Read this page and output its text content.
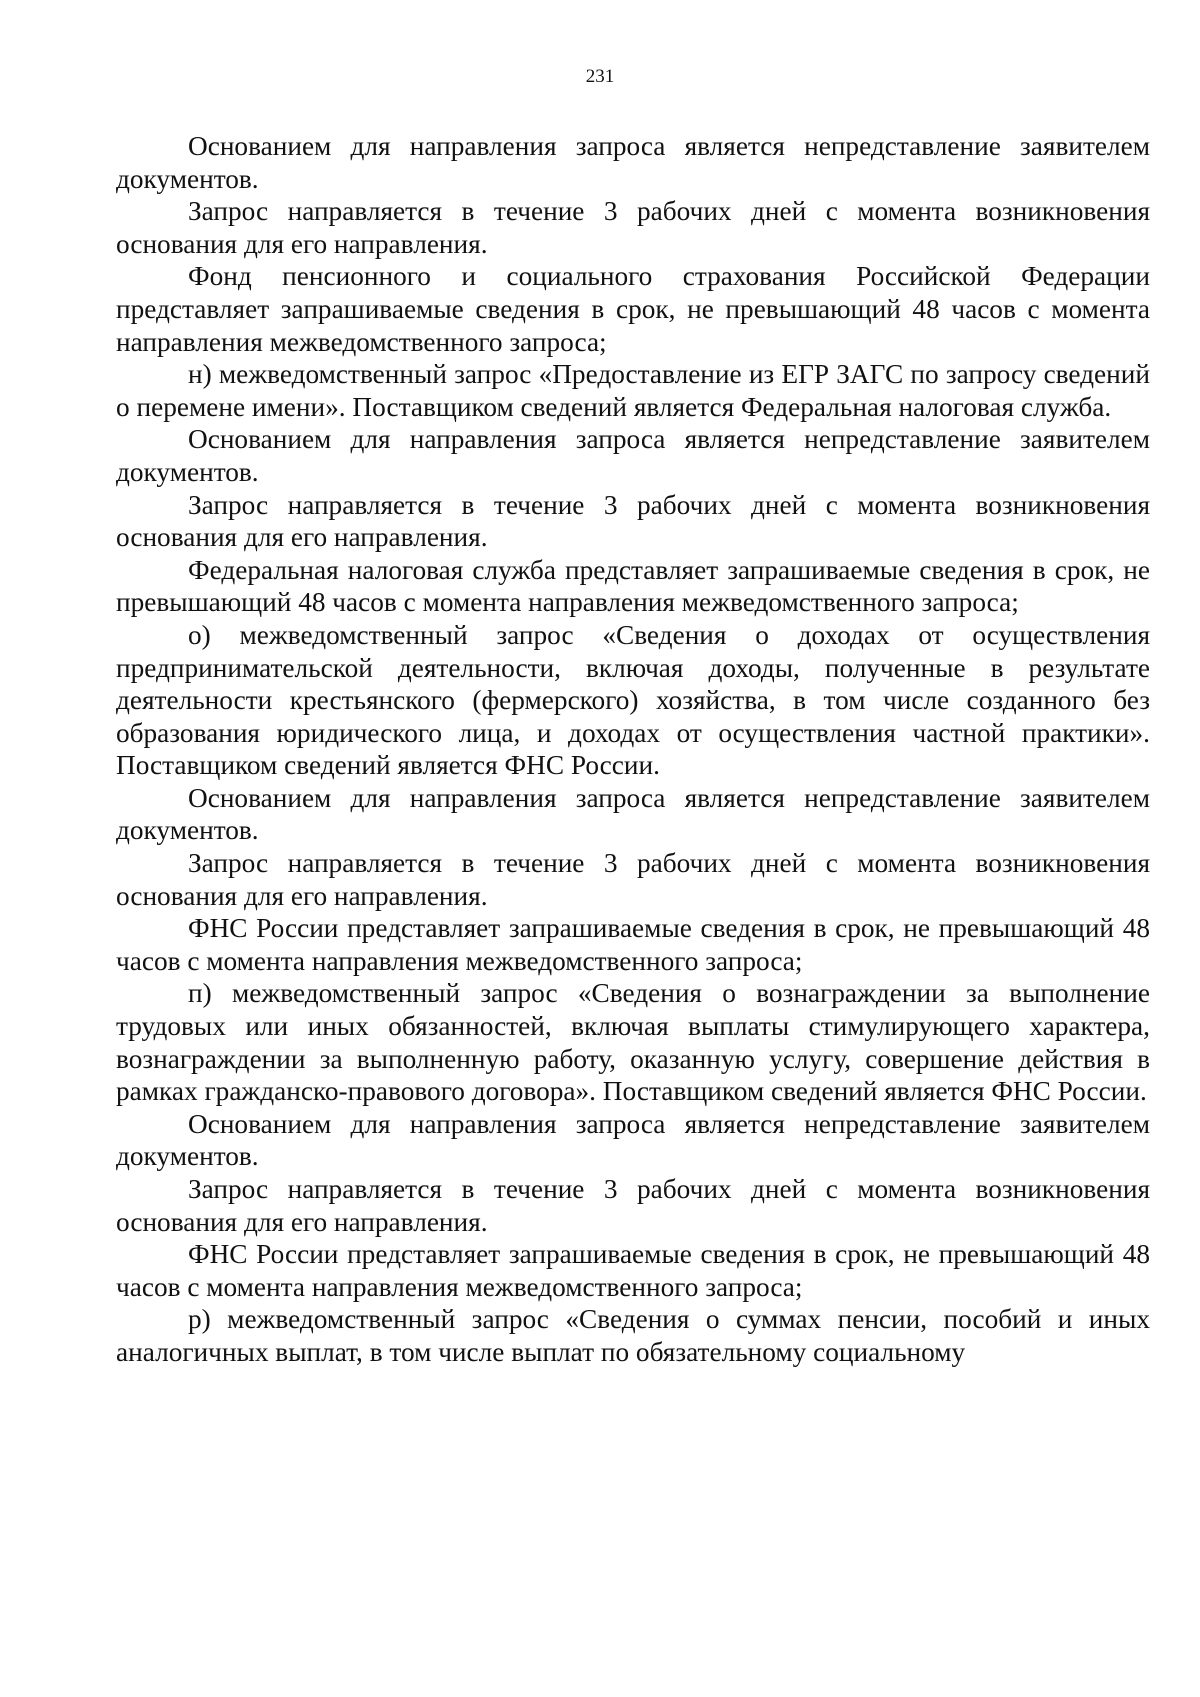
231

Основанием для направления запроса является непредставление заявителем документов.

Запрос направляется в течение 3 рабочих дней с момента возникновения основания для его направления.

Фонд пенсионного и социального страхования Российской Федерации представляет запрашиваемые сведения в срок, не превышающий 48 часов с момента направления межведомственного запроса;

н) межведомственный запрос «Предоставление из ЕГР ЗАГС по запросу сведений о перемене имени». Поставщиком сведений является Федеральная налоговая служба.

Основанием для направления запроса является непредставление заявителем документов.

Запрос направляется в течение 3 рабочих дней с момента возникновения основания для его направления.

Федеральная налоговая служба представляет запрашиваемые сведения в срок, не превышающий 48 часов с момента направления межведомственного запроса;

о) межведомственный запрос «Сведения о доходах от осуществления предпринимательской деятельности, включая доходы, полученные в результате деятельности крестьянского (фермерского) хозяйства, в том числе созданного без образования юридического лица, и доходах от осуществления частной практики». Поставщиком сведений является ФНС России.

Основанием для направления запроса является непредставление заявителем документов.

Запрос направляется в течение 3 рабочих дней с момента возникновения основания для его направления.

ФНС России представляет запрашиваемые сведения в срок, не превышающий 48 часов с момента направления межведомственного запроса;

п) межведомственный запрос «Сведения о вознаграждении за выполнение трудовых или иных обязанностей, включая выплаты стимулирующего характера, вознаграждении за выполненную работу, оказанную услугу, совершение действия в рамках гражданско-правового договора». Поставщиком сведений является ФНС России.

Основанием для направления запроса является непредставление заявителем документов.

Запрос направляется в течение 3 рабочих дней с момента возникновения основания для его направления.

ФНС России представляет запрашиваемые сведения в срок, не превышающий 48 часов с момента направления межведомственного запроса;

р) межведомственный запрос «Сведения о суммах пенсии, пособий и иных аналогичных выплат, в том числе выплат по обязательному социальному
